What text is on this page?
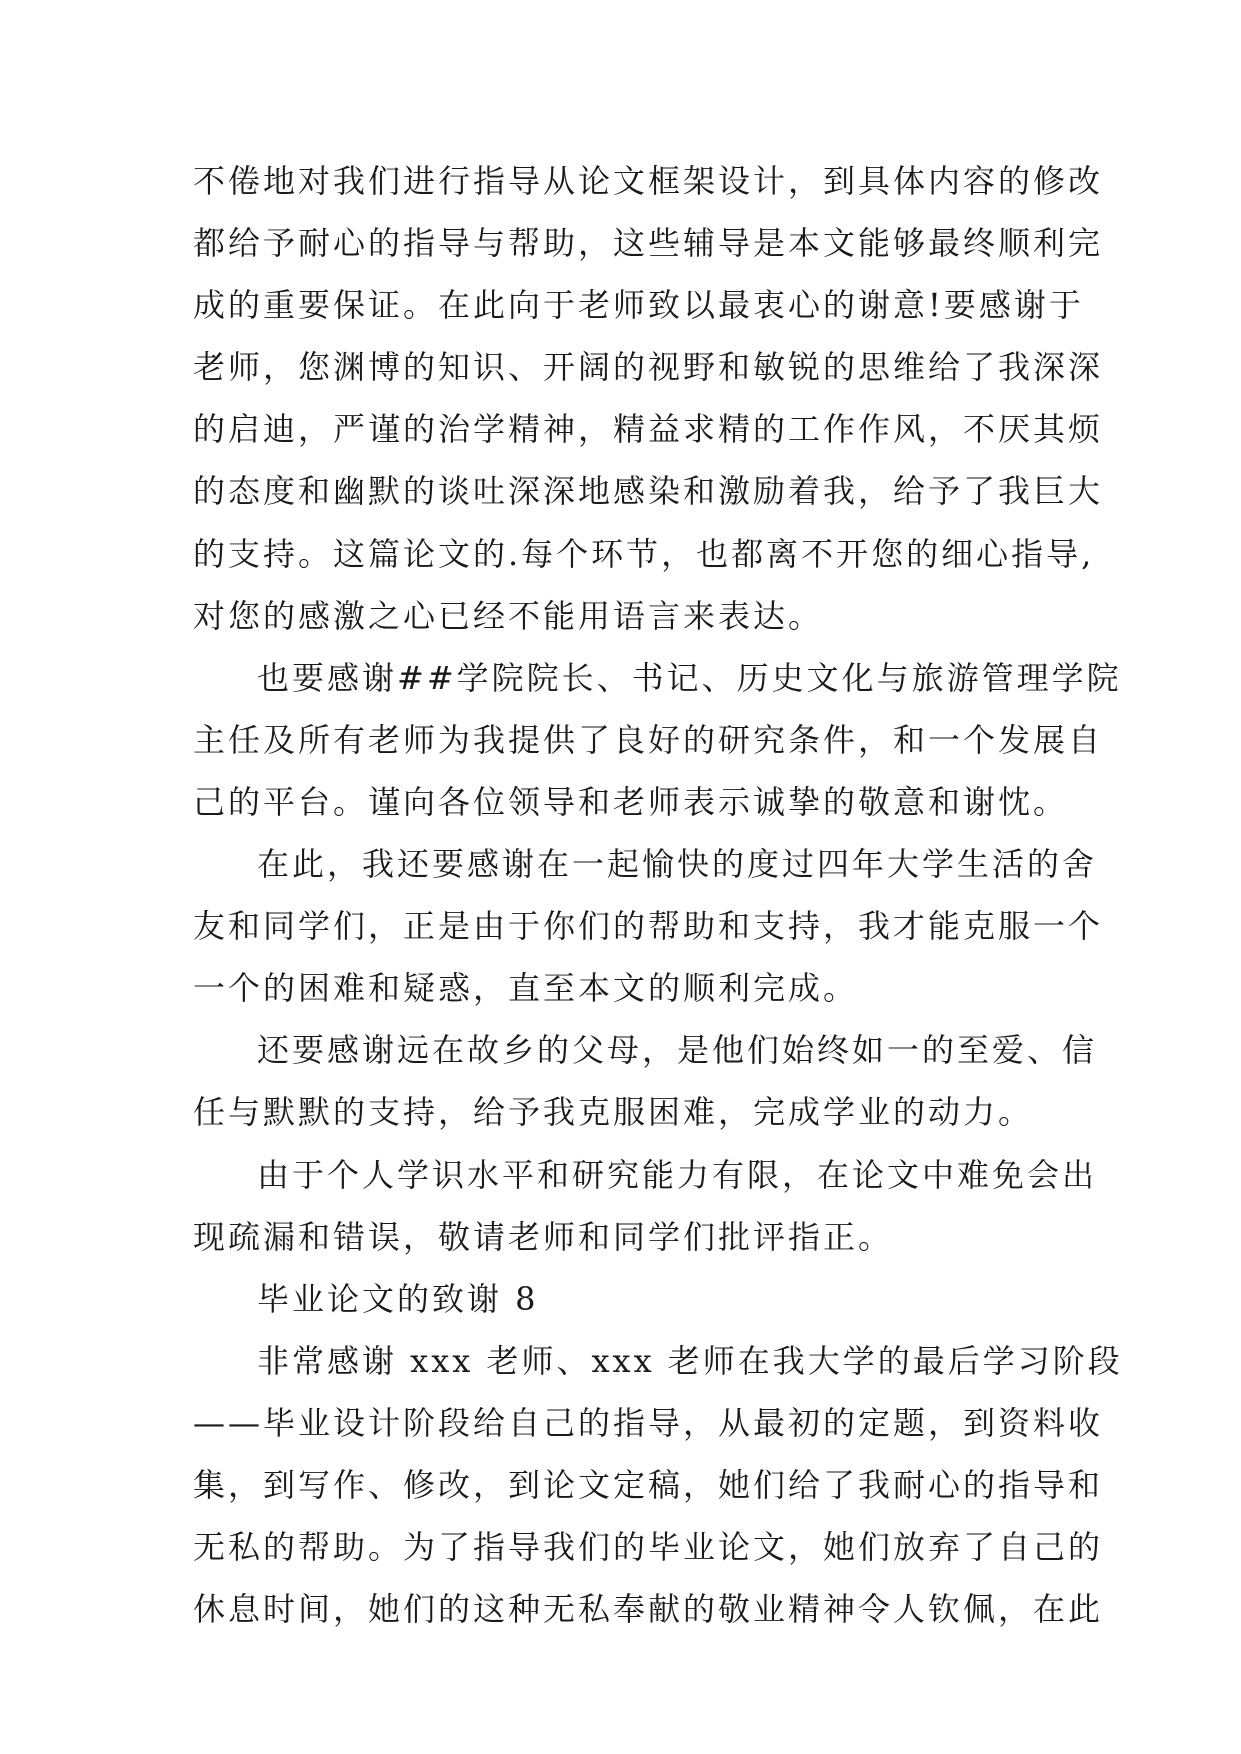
不倦地对我们进行指导从论文框架设计，到具体内容的修改
都给予耐心的指导与帮助，这些辅导是本文能够最终顺利完
成的重要保证。在此向于老师致以最衷心的谢意!要感谢于
老师，您渊博的知识、开阔的视野和敏锐的思维给了我深深
的启迪，严谨的治学精神，精益求精的工作作风，不厌其烦
的态度和幽默的谈吐深深地感染和激励着我，给予了我巨大
的支持。这篇论文的.每个环节，也都离不开您的细心指导,
对您的感激之心已经不能用语言来表达。
也要感谢##学院院长、书记、历史文化与旅游管理学院
主任及所有老师为我提供了良好的研究条件，和一个发展自
己的平台。谨向各位领导和老师表示诚挚的敬意和谢忱。
在此，我还要感谢在一起愉快的度过四年大学生活的舍
友和同学们，正是由于你们的帮助和支持，我才能克服一个
一个的困难和疑惑，直至本文的顺利完成。
还要感谢远在故乡的父母，是他们始终如一的至爱、信
任与默默的支持，给予我克服困难，完成学业的动力。
由于个人学识水平和研究能力有限，在论文中难免会出
现疏漏和错误，敬请老师和同学们批评指正。
毕业论文的致谢 8
非常感谢 xxx 老师、xxx 老师在我大学的最后学习阶段
——毕业设计阶段给自己的指导，从最初的定题，到资料收
集，到写作、修改，到论文定稿，她们给了我耐心的指导和
无私的帮助。为了指导我们的毕业论文，她们放弃了自己的
休息时间，她们的这种无私奉献的敬业精神令人钦佩，在此
